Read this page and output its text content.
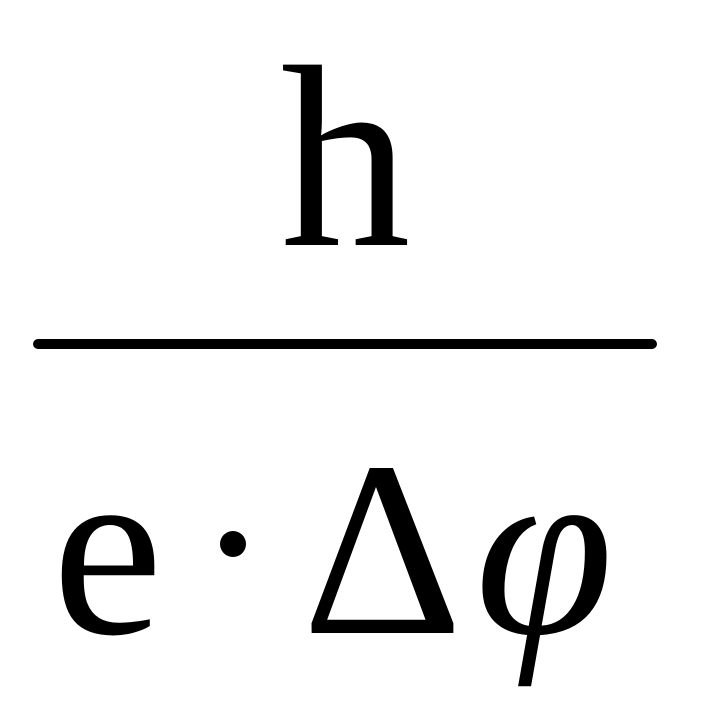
h
e Δ φ
